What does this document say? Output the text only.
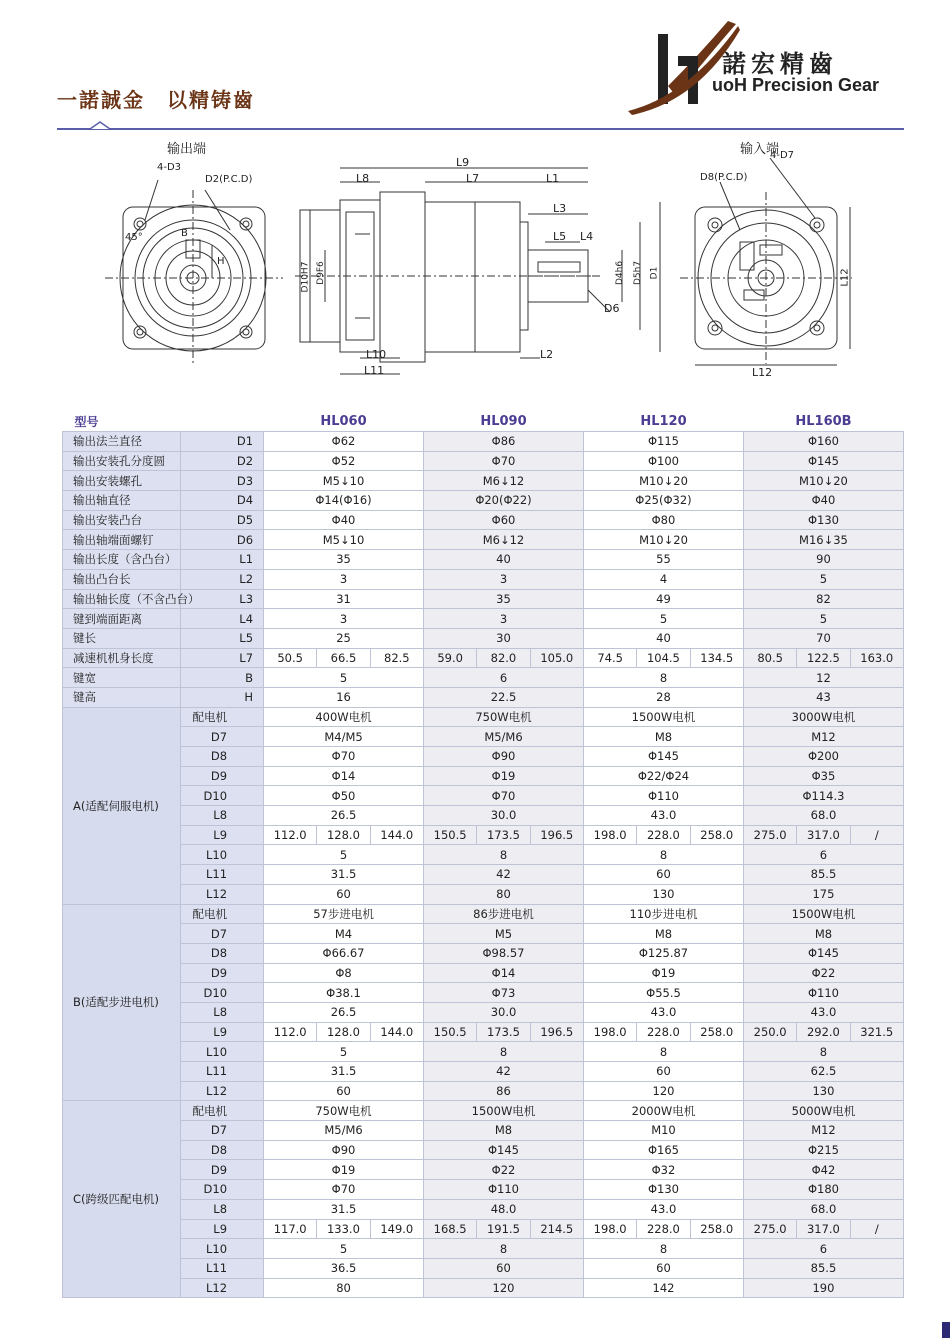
一諾誠金　以精铸齒
諾宏精齒
uoH Precision Gear
输出端
4-D3
D2(P.C.D)
45°	B
H
L9
L8	L7	L1
L3
L5 L4
D10H7 D9F6	D4h6 D5h7 D1
D6
L10
L11
L2
输入端
4-D7
D8(P.C.D)
L12
L12
型号		HL060			HL090			HL120			HL160B		
输出法兰直径	D1	Φ62			Φ86			Φ115			Φ160		
输出安装孔分度圆	D2	Φ52			Φ70			Φ100			Φ145		
输出安装螺孔	D3	M5↓10			M6↓12			M10↓20			M10↓20		
输出轴直径	D4	Φ14(Φ16)			Φ20(Φ22)			Φ25(Φ32)			Φ40		
输出安装凸台	D5	Φ40			Φ60			Φ80			Φ130		
输出轴端面螺钉	D6	M5↓10			M6↓12			M10↓20			M16↓35		
输出长度（含凸台）	L1	35			40			55			90		
输出凸台长	L2	3			3			4			5		
输出轴长度（不含凸台）	L3	31			35			49			82		
键到端面距离	L4	3			3			5			5		
键长	L5	25			30			40			70		
减速机机身长度	L7	50.5	66.5	82.5	59.0	82.0	105.0	74.5	104.5	134.5	80.5	122.5	163.0
键宽	B	5			6			8			12		
键高	H	16			22.5			28			43		
A(适配伺服电机)	配电机	400W电机			750W电机			1500W电机			3000W电机		
	D7	M4/M5			M5/M6			M8			M12		
	D8	Φ70			Φ90			Φ145			Φ200		
	D9	Φ14			Φ19			Φ22/Φ24			Φ35		
	D10	Φ50			Φ70			Φ110			Φ114.3		
	L8	26.5			30.0			43.0			68.0		
	L9	112.0	128.0	144.0	150.5	173.5	196.5	198.0	228.0	258.0	275.0	317.0	/
	L10	5			8			8			6		
	L11	31.5			42			60			85.5		
	L12	60			80			130			175		
B(适配步进电机)	配电机	57步进电机			86步进电机			110步进电机			1500W电机		
	D7	M4			M5			M8			M8		
	D8	Φ66.67			Φ98.57			Φ125.87			Φ145		
	D9	Φ8			Φ14			Φ19			Φ22		
	D10	Φ38.1			Φ73			Φ55.5			Φ110		
	L8	26.5			30.0			43.0			43.0		
	L9	112.0	128.0	144.0	150.5	173.5	196.5	198.0	228.0	258.0	250.0	292.0	321.5
	L10	5			8			8			8		
	L11	31.5			42			60			62.5		
	L12	60			86			120			130		
C(跨级匹配电机)	配电机	750W电机			1500W电机			2000W电机			5000W电机		
	D7	M5/M6			M8			M10			M12		
	D8	Φ90			Φ145			Φ165			Φ215		
	D9	Φ19			Φ22			Φ32			Φ42		
	D10	Φ70			Φ110			Φ130			Φ180		
	L8	31.5			48.0			43.0			68.0		
	L9	117.0	133.0	149.0	168.5	191.5	214.5	198.0	228.0	258.0	275.0	317.0	/
	L10	5			8			8			6		
	L11	36.5			60			60			85.5		
	L12	80			120			142			190		
